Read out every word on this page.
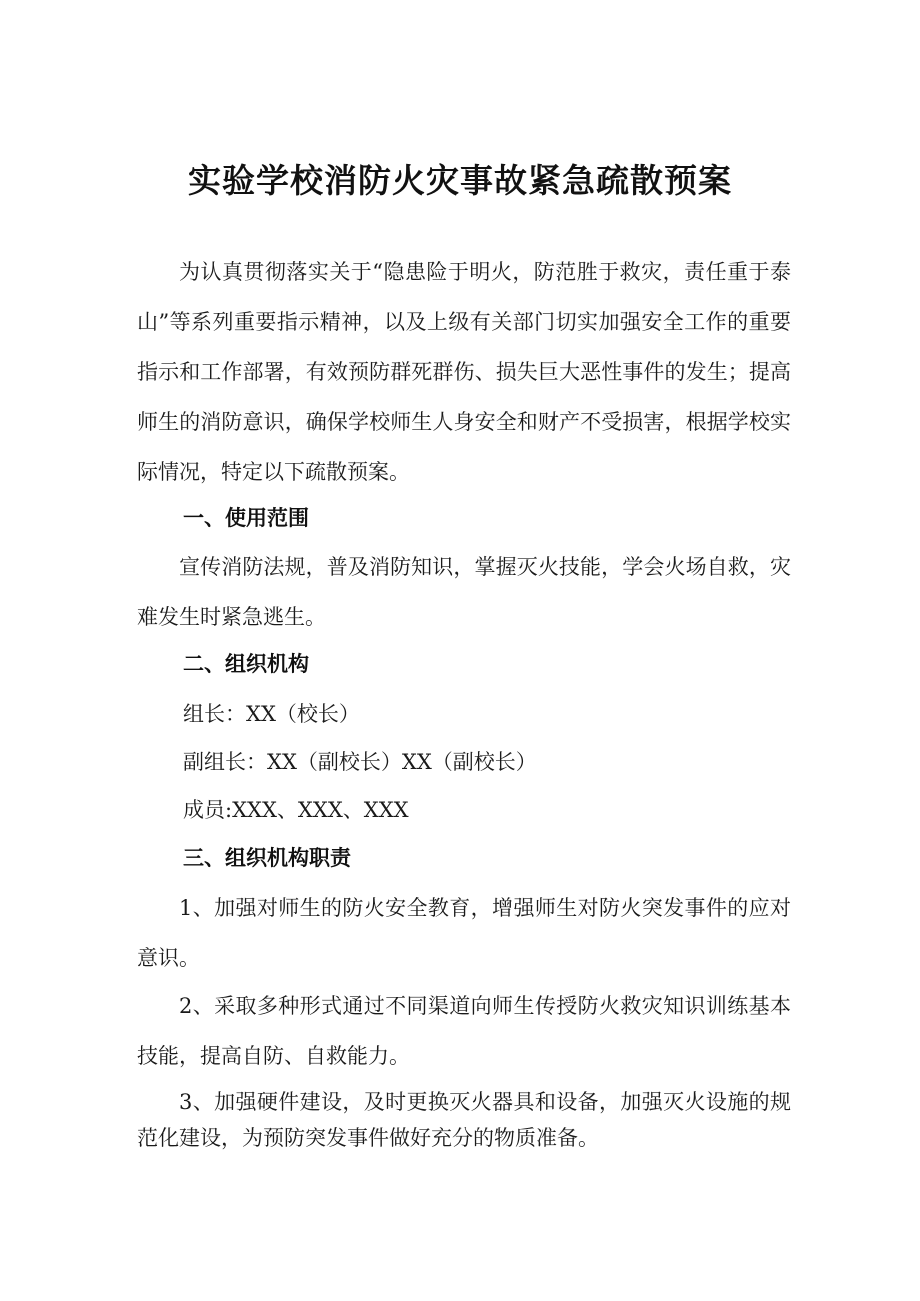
实验学校消防火灾事故紧急疏散预案
为认真贯彻落实关于“隐患险于明火，防范胜于救灾，责任重于泰山”等系列重要指示精神，以及上级有关部门切实加强安全工作的重要指示和工作部署，有效预防群死群伤、损失巨大恶性事件的发生；提高师生的消防意识，确保学校师生人身安全和财产不受损害，根据学校实际情况，特定以下疏散预案。
一、使用范围
宣传消防法规，普及消防知识，掌握灭火技能，学会火场自救，灾难发生时紧急逃生。
二、组织机构
组长：XX（校长）
副组长：XX（副校长）XX（副校长）
成员:XXX、XXX、XXX
三、组织机构职责
1、加强对师生的防火安全教育，增强师生对防火突发事件的应对意识。
2、采取多种形式通过不同渠道向师生传授防火救灾知识训练基本技能，提高自防、自救能力。
3、加强硬件建设，及时更换灭火器具和设备，加强灭火设施的规范化建设，为预防突发事件做好充分的物质准备。
